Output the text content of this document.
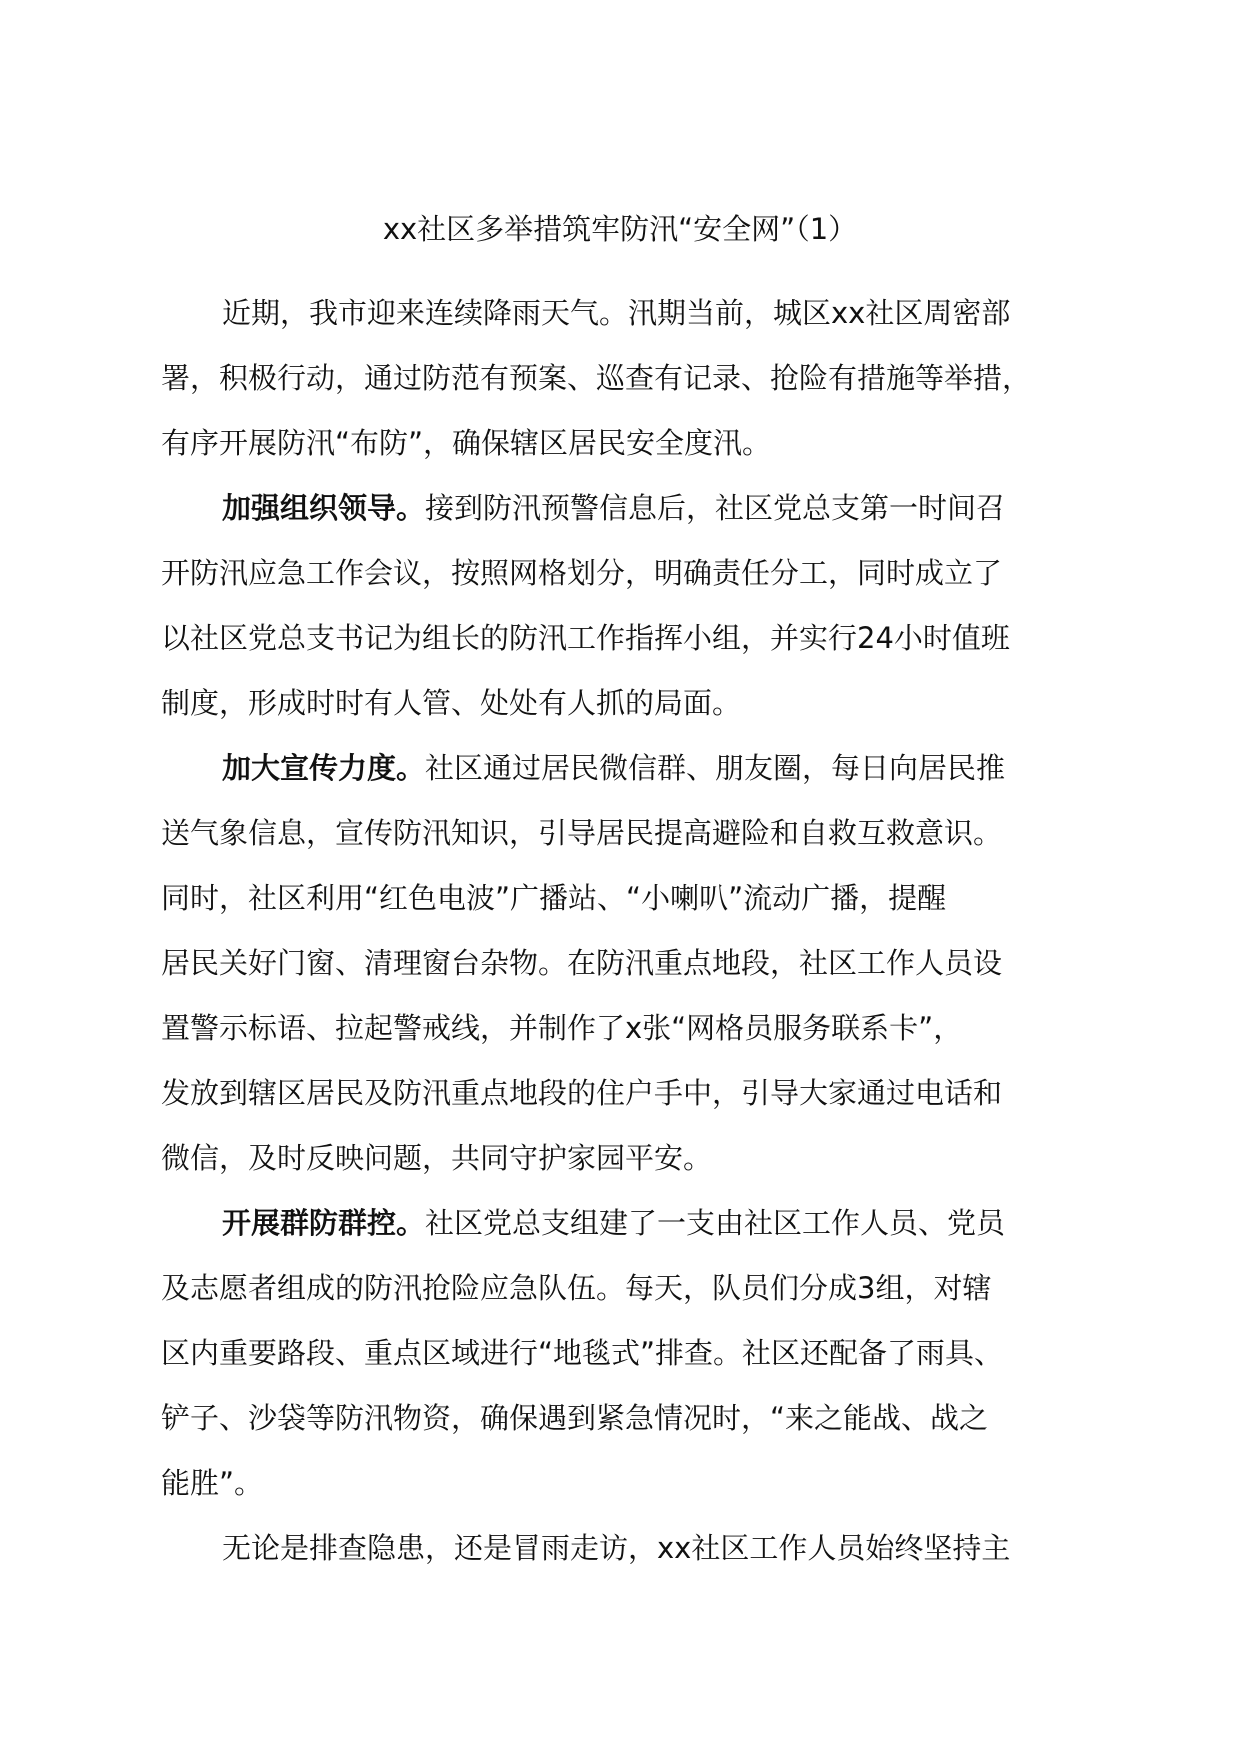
xx社区多举措筑牢防汛“安全网”（1）

近期，我市迎来连续降雨天气。汛期当前，城区xx社区周密部
署，积极行动，通过防范有预案、巡查有记录、抢险有措施等举措，
有序开展防汛“布防”，确保辖区居民安全度汛。

加强组织领导。接到防汛预警信息后，社区党总支第一时间召
开防汛应急工作会议，按照网格划分，明确责任分工，同时成立了
以社区党总支书记为组长的防汛工作指挥小组，并实行24小时值班
制度，形成时时有人管、处处有人抓的局面。

加大宣传力度。社区通过居民微信群、朋友圈，每日向居民推
送气象信息，宣传防汛知识，引导居民提高避险和自救互救意识。
同时，社区利用“红色电波”广播站、“小喇叭”流动广播，提醒
居民关好门窗、清理窗台杂物。在防汛重点地段，社区工作人员设
置警示标语、拉起警戒线，并制作了x张“网格员服务联系卡”，
发放到辖区居民及防汛重点地段的住户手中，引导大家通过电话和
微信，及时反映问题，共同守护家园平安。

开展群防群控。社区党总支组建了一支由社区工作人员、党员
及志愿者组成的防汛抢险应急队伍。每天，队员们分成3组，对辖
区内重要路段、重点区域进行“地毯式”排查。社区还配备了雨具、
铲子、沙袋等防汛物资，确保遇到紧急情况时，“来之能战、战之
能胜”。

无论是排查隐患，还是冒雨走访，xx社区工作人员始终坚持主
